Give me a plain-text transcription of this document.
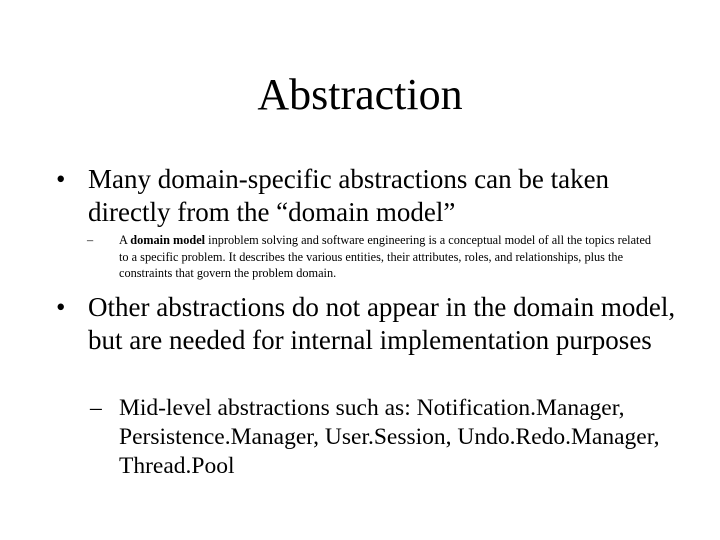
Abstraction
• Many domain-specific abstractions can be taken directly from the “domain model”
– A domain model inproblem solving and software engineering is a conceptual model of all the topics related to a specific problem. It describes the various entities, their attributes, roles, and relationships, plus the constraints that govern the problem domain.
• Other abstractions do not appear in the domain model, but are needed for internal implementation purposes
– Mid-level abstractions such as: Notification.Manager, Persistence.Manager, User.Session, Undo.Redo.Manager, Thread.Pool
